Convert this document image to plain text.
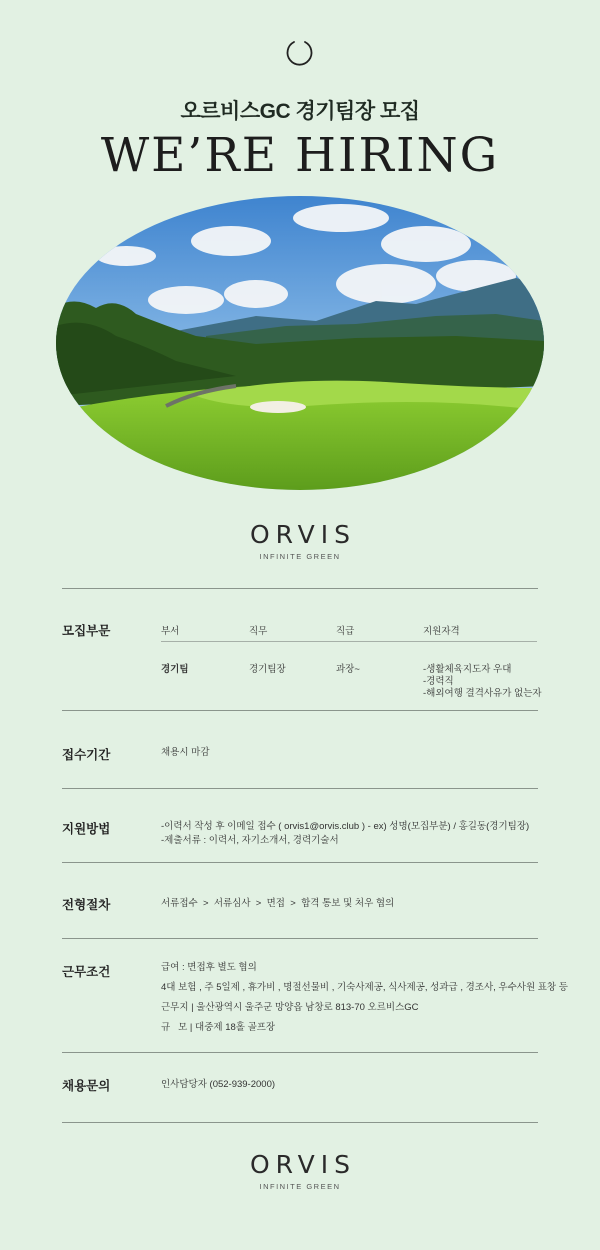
오르비스GC 경기팀장 모집
WE’RE HIRING
ORVIS
INFINITE GREEN
모집부문	부서	직무	직급	지원자격
경기팀	경기팀장	과장~	-생활체육지도자 우대
-경력직
-해외여행 결격사유가 없는자
접수기간	채용시 마감
지원방법	-이력서 작성 후 이메일 접수 ( orvis1@orvis.club ) - ex) 성명(모집부분) / 홍길동(경기팀장)
-제출서류 : 이력서, 자기소개서, 경력기술서
전형절차	서류접수  >  서류심사  >  면접  >  합격 통보 및 처우 협의
근무조건	급여 : 면접후 별도 협의
4대 보험 , 주 5일제 , 휴가비 , 명절선물비 , 기숙사제공, 식사제공, 성과급 , 경조사, 우수사원 표창 등
근무지 | 울산광역시 울주군 망양읍 남창로 813-70 오르비스GC
규   모 | 대중제 18홀 골프장
채용문의	인사담당자 (052-939-2000)
ORVIS
INFINITE GREEN
